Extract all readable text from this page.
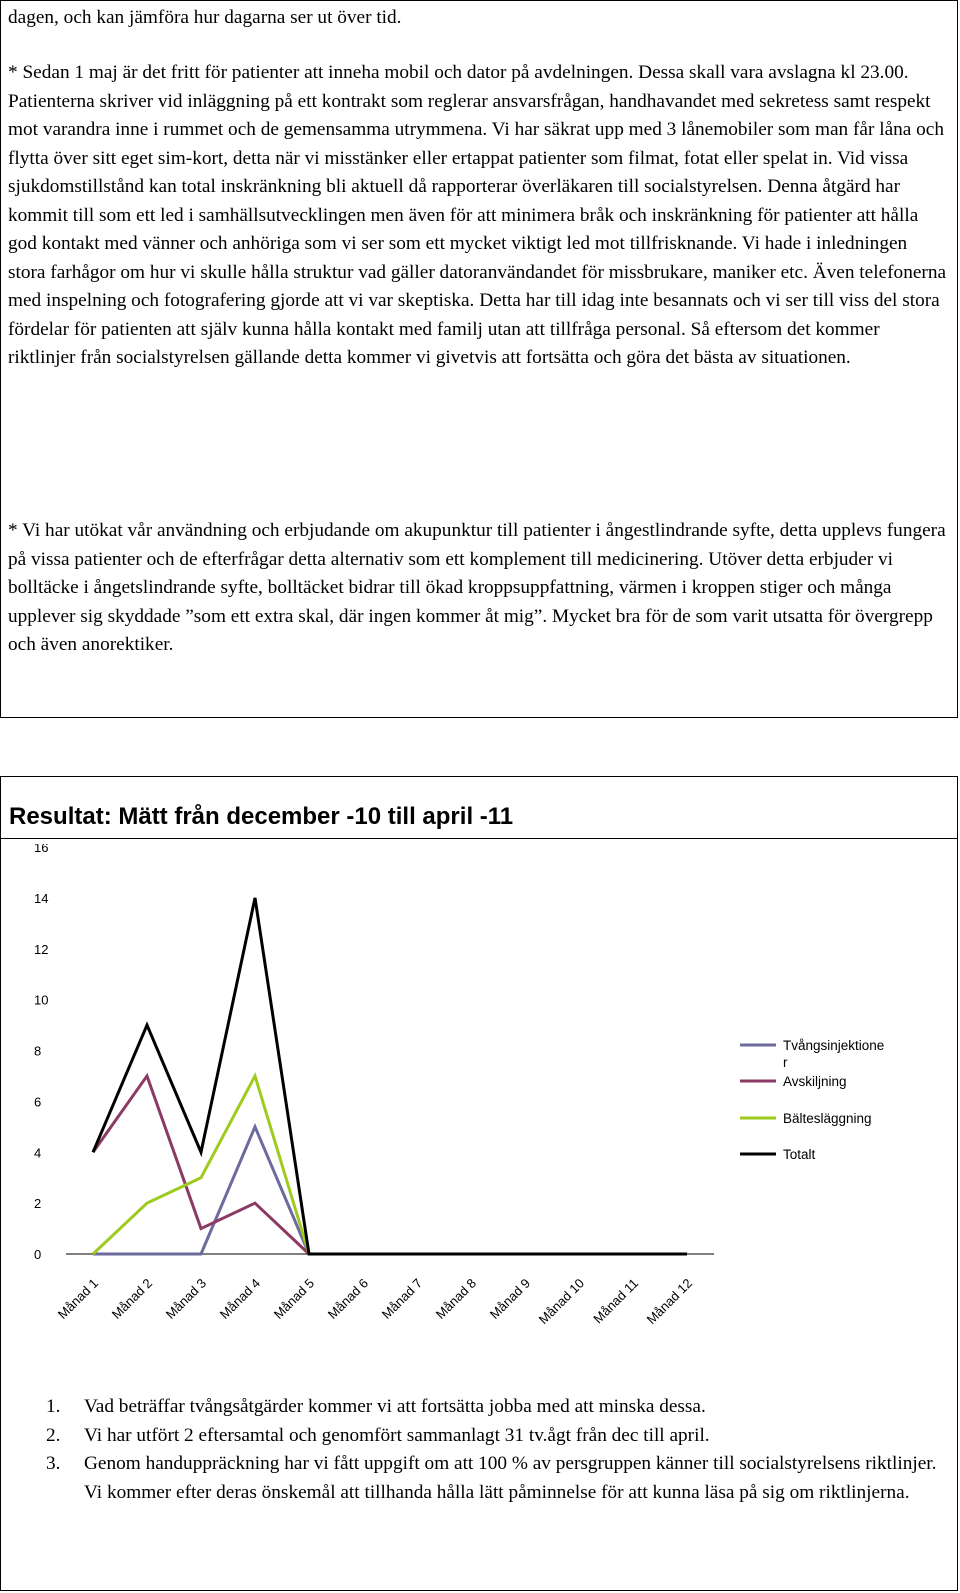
dagen, och kan jämföra hur dagarna ser ut över tid.

* Sedan 1 maj är det fritt för patienter att inneha mobil och dator på avdelningen. Dessa skall vara avslagna kl 23.00. Patienterna skriver vid inläggning på ett kontrakt som reglerar ansvarsfrågan, handhavandet med sekretess samt respekt mot varandra inne i rummet och de gemensamma utrymmena. Vi har säkrat upp med 3 lånemobiler som man får låna och flytta över sitt eget sim-kort, detta när vi misstänker eller ertappat patienter som filmat, fotat eller spelat in. Vid vissa sjukdomstillstånd kan total inskränkning bli aktuell då rapporterar överläkaren till socialstyrelsen. Denna åtgärd har kommit till som ett led i samhällsutvecklingen men även för att minimera bråk och inskränkning för patienter att hålla god kontakt med vänner och anhöriga som vi ser som ett mycket viktigt led mot tillfrisknande. Vi hade i inledningen stora farhågor om hur vi skulle hålla struktur vad gäller datoranvändandet för missbrukare, maniker etc. Även telefonerna med inspelning och fotografering gjorde att vi var skeptiska. Detta har till idag inte besannats och vi ser till viss del stora fördelar för patienten att själv kunna hålla kontakt med familj utan att tillfråga personal. Så eftersom det kommer riktlinjer från socialstyrelsen gällande detta kommer vi givetvis att fortsätta och göra det bästa av situationen.

* Vi har utökat vår användning och erbjudande om akupunktur till patienter i ångestlindrande syfte, detta upplevs fungera på vissa patienter och de efterfrågar detta alternativ som ett komplement till medicinering. Utöver detta erbjuder vi bolltäcke i ångetslindrande syfte, bolltäcket bidrar till ökad kroppsuppfattning, värmen i kroppen stiger och många upplever sig skyddade ”som ett extra skal, där ingen kommer åt mig”. Mycket bra för de som varit utsatta för övergrepp och även anorektiker.

Resultat: Mätt från december -10 till april -11
0
2
4
6
8
10
12
14
16
Månad 1 Månad 2 Månad 3 Månad 4 Månad 5 Månad 6 Månad 7 Månad 8 Månad 9 Månad 10 Månad 11 Månad 12
Tvångsinjektione
r
Avskiljning
Bältesläggning
Totalt
1. Vad beträffar tvångsåtgärder kommer vi att fortsätta jobba med att minska dessa.
2. Vi har utfört 2 eftersamtal och genomfört sammanlagt 31 tv.ågt från dec till april.
3. Genom handuppräckning har vi fått uppgift om att 100 % av persgruppen känner till socialstyrelsens riktlinjer. Vi kommer efter deras önskemål att tillhanda hålla lätt påminnelse för att kunna läsa på sig om riktlinjerna.
